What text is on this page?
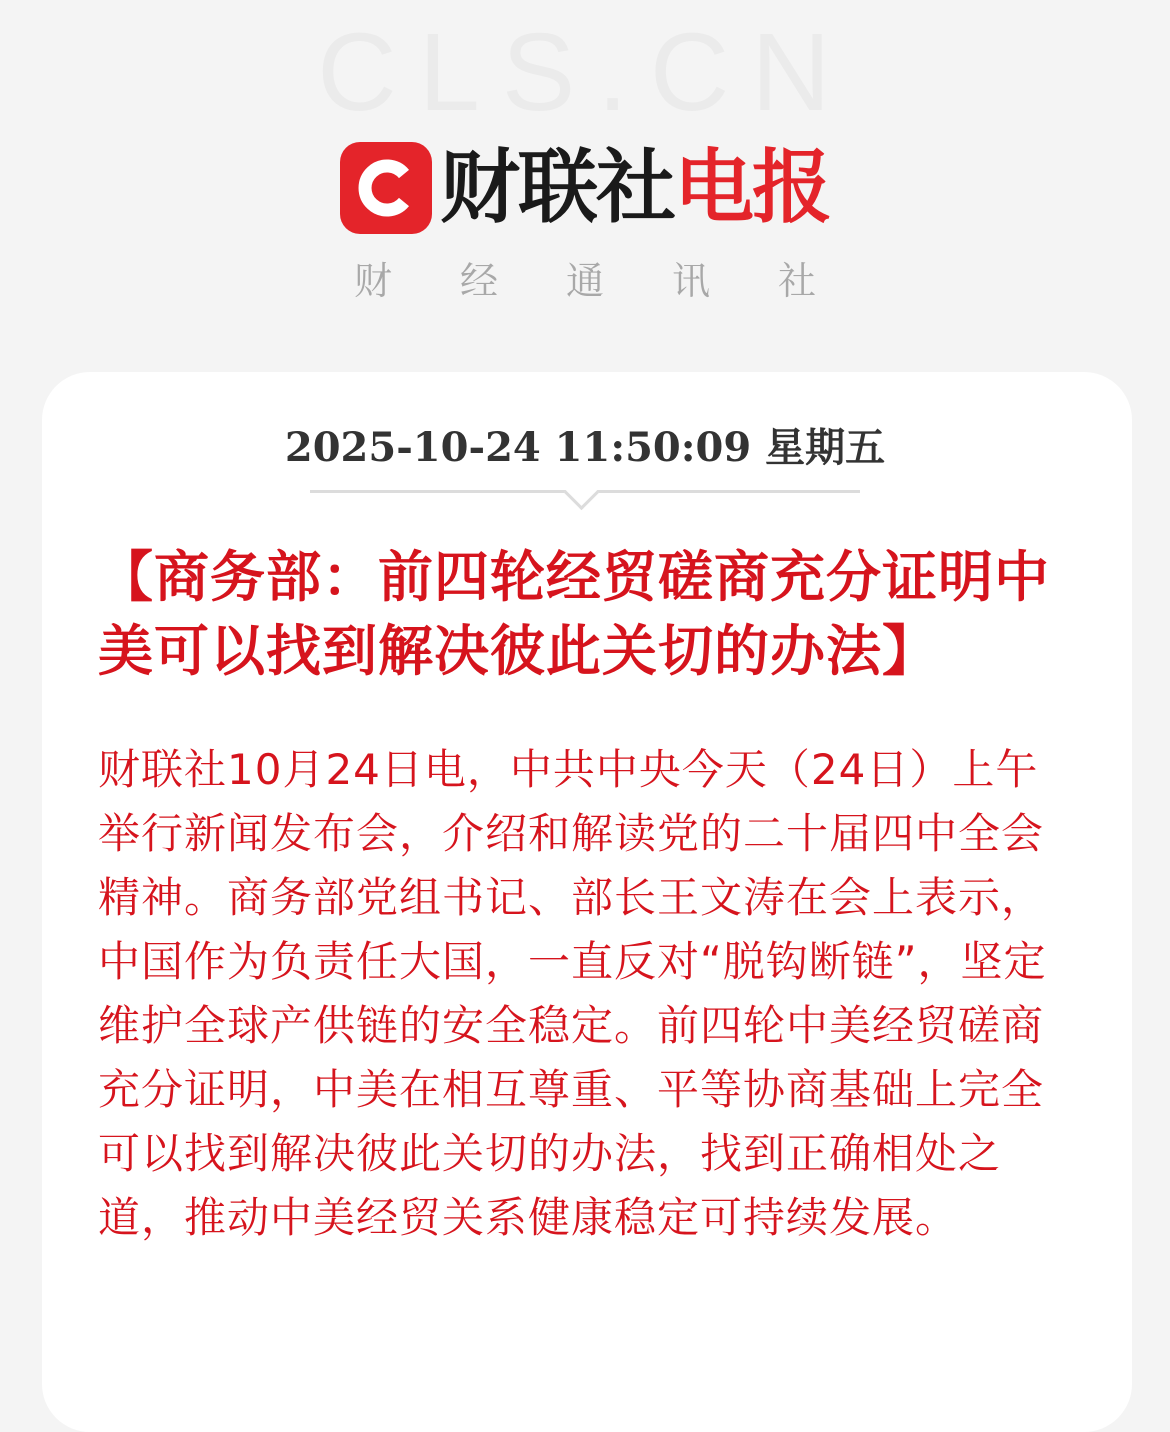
CLS.CN
财联社 电报
财经通讯社
2025-10-24 11:50:09 星期五
【商务部：前四轮经贸磋商充分证明中美可以找到解决彼此关切的办法】
财联社10月24日电，中共中央今天（24日）上午举行新闻发布会，介绍和解读党的二十届四中全会精神。商务部党组书记、部长王文涛在会上表示，中国作为负责任大国，一直反对“脱钩断链”，坚定维护全球产供链的安全稳定。前四轮中美经贸磋商充分证明，中美在相互尊重、平等协商基础上完全可以找到解决彼此关切的办法，找到正确相处之道，推动中美经贸关系健康稳定可持续发展。
